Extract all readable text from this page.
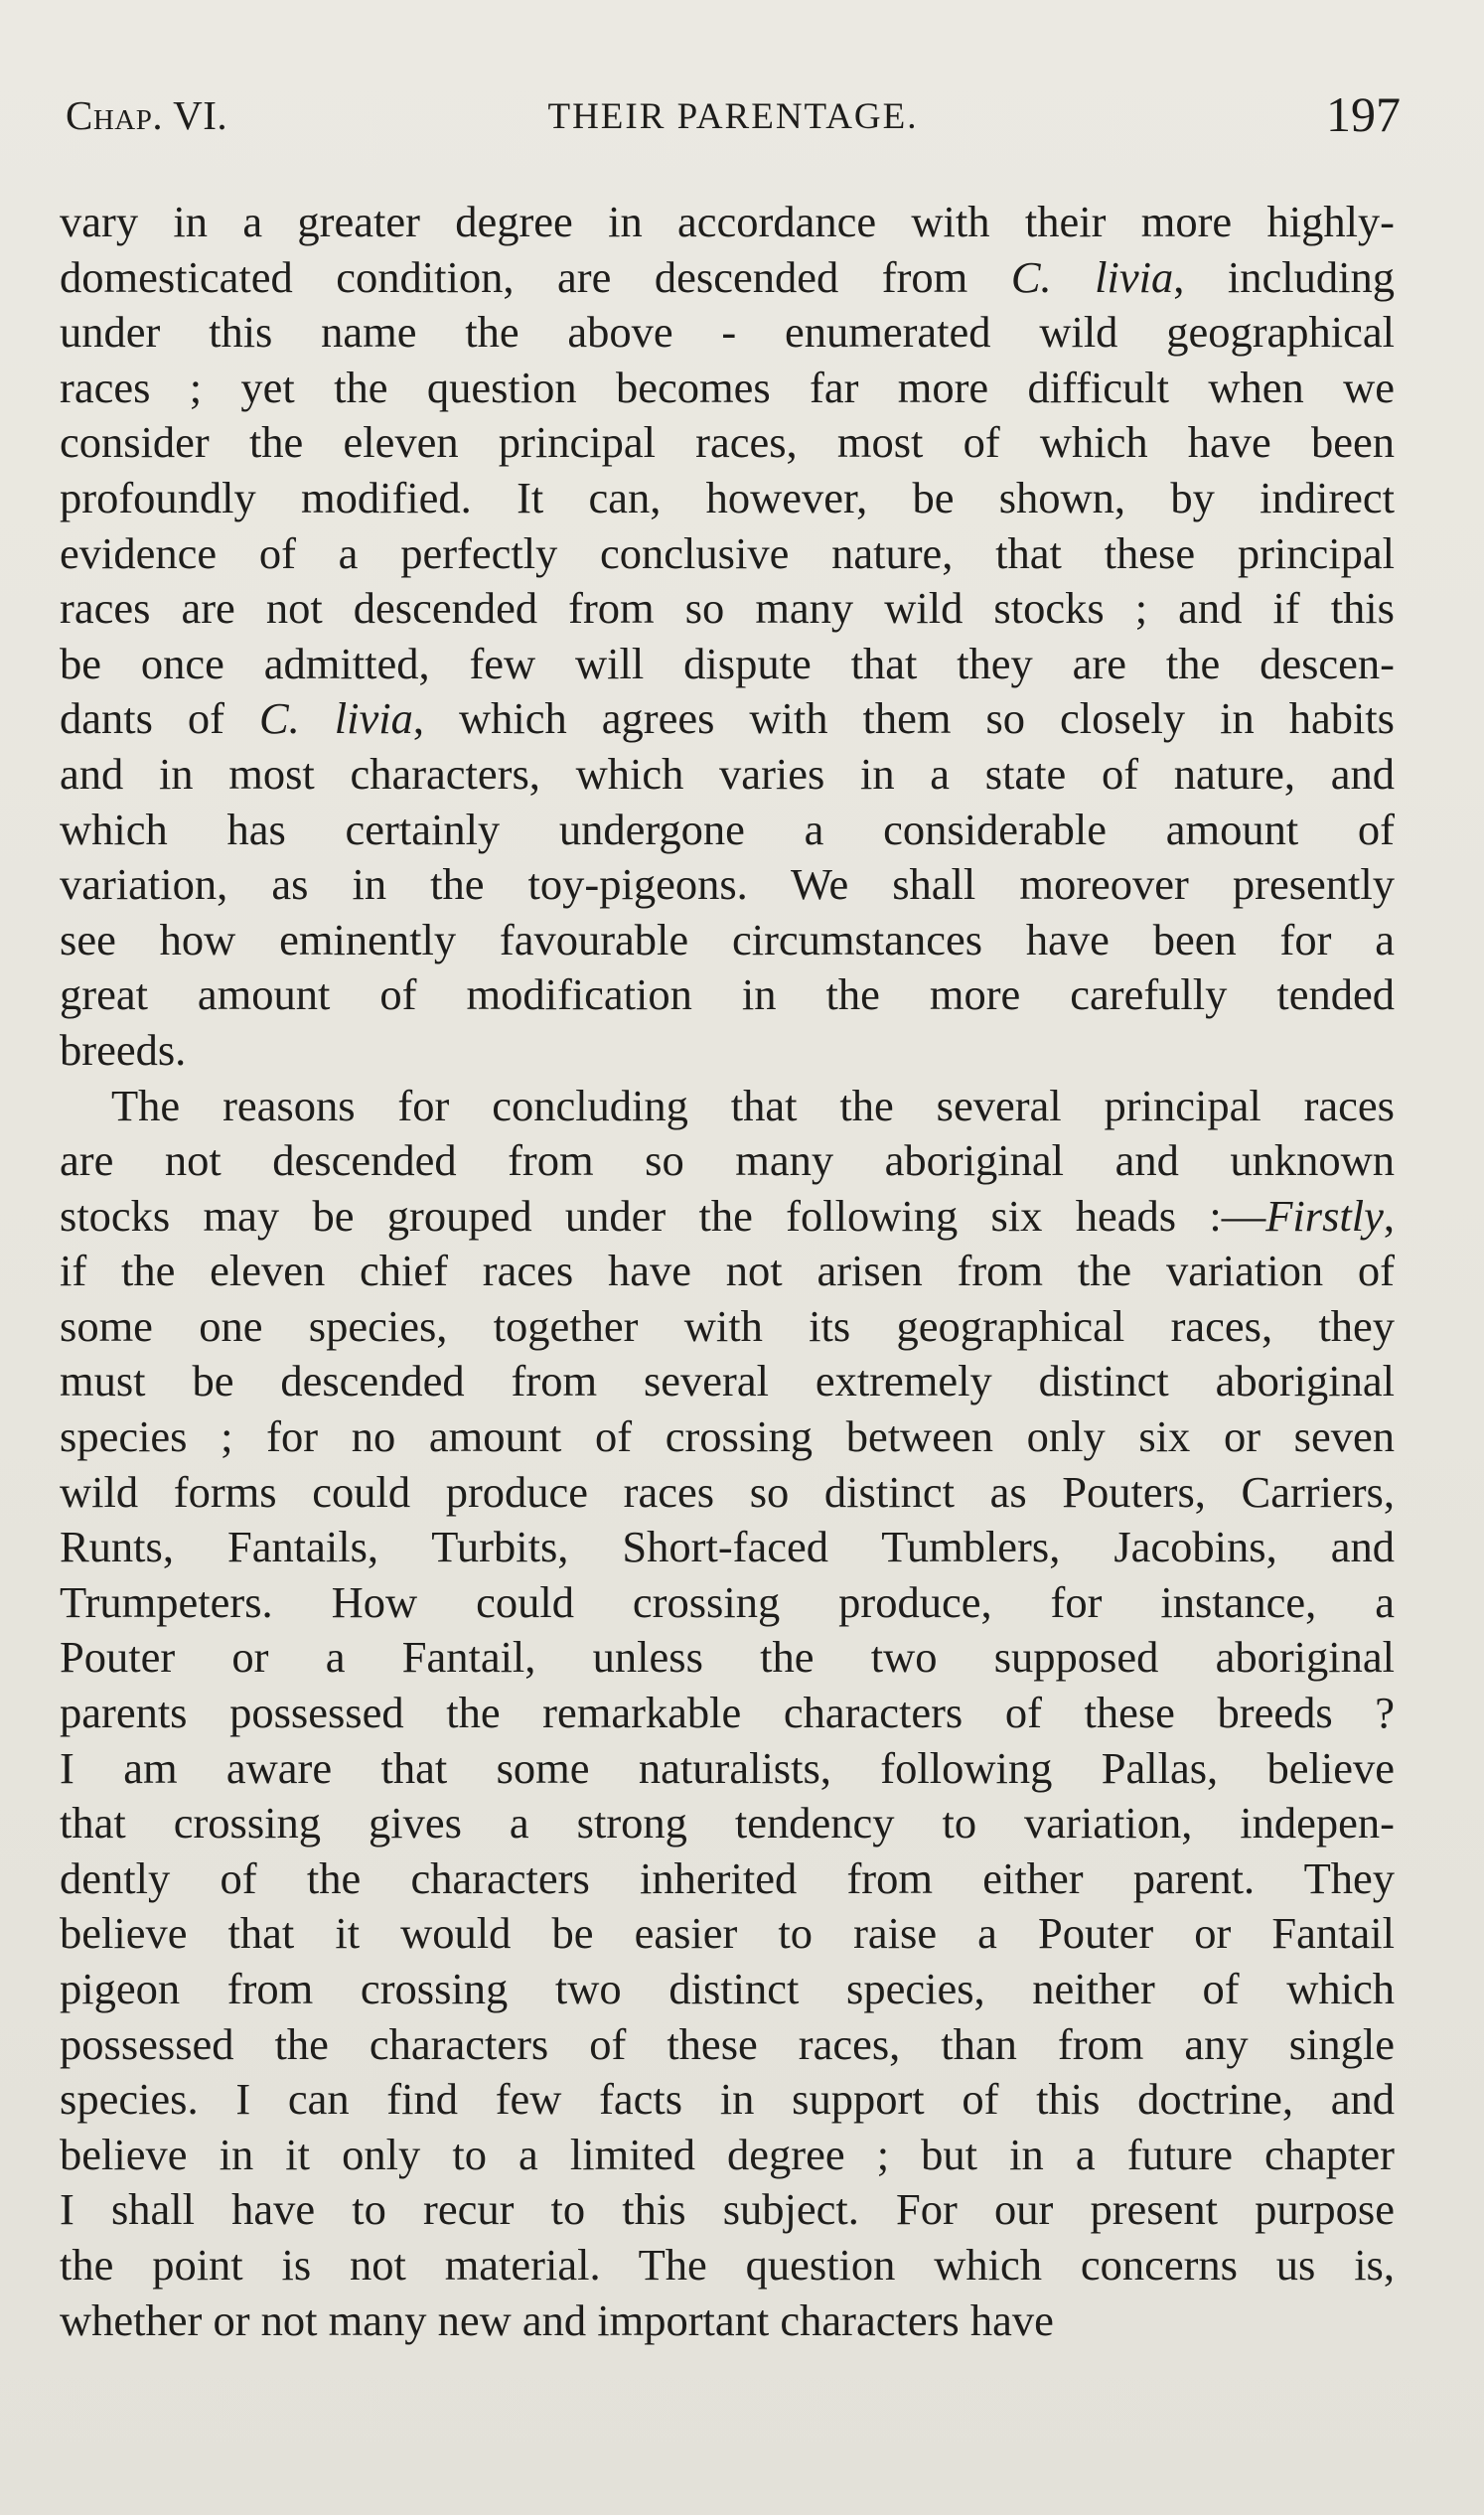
Chap. VI.	THEIR PARENTAGE.	197
vary in a greater degree in accordance with their more highly-
domesticated condition, are descended from C. livia, including
under this name the above - enumerated wild geographical
races ; yet the question becomes far more difficult when we
consider the eleven principal races, most of which have been
profoundly modified. It can, however, be shown, by indirect
evidence of a perfectly conclusive nature, that these principal
races are not descended from so many wild stocks ; and if this
be once admitted, few will dispute that they are the descen-
dants of C. livia, which agrees with them so closely in habits
and in most characters, which varies in a state of nature, and
which has certainly undergone a considerable amount of
variation, as in the toy-pigeons. We shall moreover presently
see how eminently favourable circumstances have been for a
great amount of modification in the more carefully tended
breeds.
The reasons for concluding that the several principal races
are not descended from so many aboriginal and unknown
stocks may be grouped under the following six heads :—Firstly,
if the eleven chief races have not arisen from the variation of
some one species, together with its geographical races, they
must be descended from several extremely distinct aboriginal
species ; for no amount of crossing between only six or seven
wild forms could produce races so distinct as Pouters, Carriers,
Runts, Fantails, Turbits, Short-faced Tumblers, Jacobins, and
Trumpeters. How could crossing produce, for instance, a
Pouter or a Fantail, unless the two supposed aboriginal
parents possessed the remarkable characters of these breeds ?
I am aware that some naturalists, following Pallas, believe
that crossing gives a strong tendency to variation, indepen-
dently of the characters inherited from either parent. They
believe that it would be easier to raise a Pouter or Fantail
pigeon from crossing two distinct species, neither of which
possessed the characters of these races, than from any single
species. I can find few facts in support of this doctrine, and
believe in it only to a limited degree ; but in a future chapter
I shall have to recur to this subject. For our present purpose
the point is not material. The question which concerns us is,
whether or not many new and important characters have
